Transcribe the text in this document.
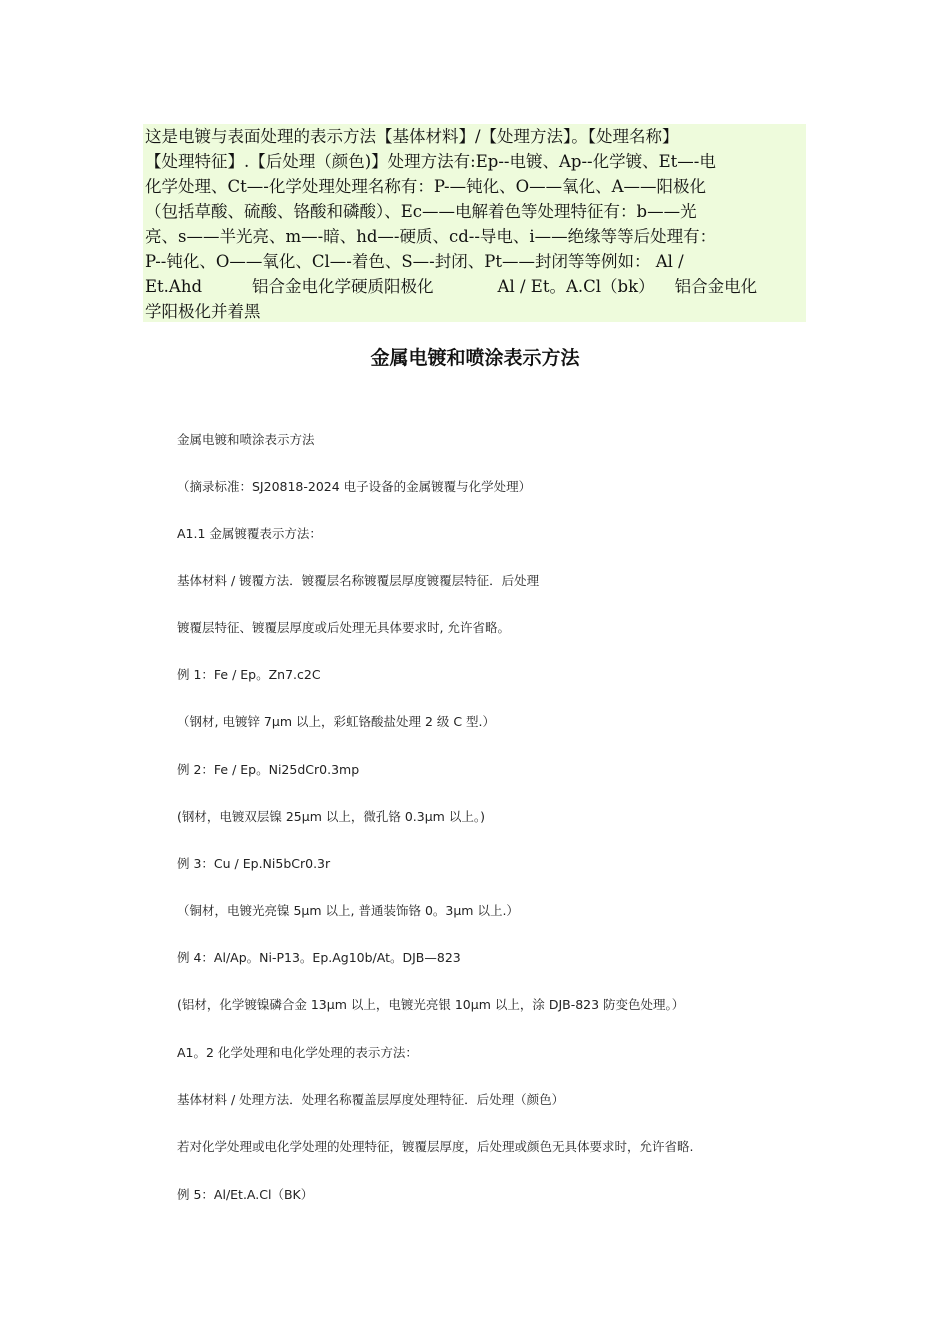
这是电镀与表面处理的表示方法【基体材料】/【处理方法】。【处理名称】
【处理特征】.【后处理（颜色)】处理方法有:Ep--电镀、Ap--化学镀、Et—-电
化学处理、Ct—-化学处理处理名称有：P-—钝化、O——氧化、A——阳极化
（包括草酸、硫酸、铬酸和磷酸）、Ec——电解着色等处理特征有：b——光
亮、s——半光亮、m—-暗、hd—-硬质、cd--导电、i——绝缘等等后处理有：
P--钝化、O——氧化、Cl—-着色、S—-封闭、Pt——封闭等等例如： Al /
Et.Ahd	铝合金电化学硬质阳极化	Al / Et。A.Cl（bk） 铝合金电化
学阳极化并着黑
金属电镀和喷涂表示方法
金属电镀和喷涂表示方法
（摘录标准：SJ20818-2024 电子设备的金属镀覆与化学处理）
A1.1 金属镀覆表示方法：
基体材料 / 镀覆方法．镀覆层名称镀覆层厚度镀覆层特征．后处理
镀覆层特征、镀覆层厚度或后处理无具体要求时, 允许省略。
例 1：Fe / Ep。Zn7.c2C
（钢材, 电镀锌 7μm 以上，彩虹铬酸盐处理 2 级 C 型.）
例 2：Fe / Ep。Ni25dCr0.3mp
(钢材，电镀双层镍 25μm 以上，微孔铬 0.3μm 以上。)
例 3：Cu / Ep.Ni5bCr0.3r
（铜材，电镀光亮镍 5μm 以上, 普通装饰铬 0。3μm 以上.）
例 4：Al/Ap。Ni-P13。Ep.Ag10b/At。DJB—823
(铝材，化学镀镍磷合金 13μm 以上，电镀光亮银 10μm 以上，涂 DJB-823 防变色处理。）
A1。2 化学处理和电化学处理的表示方法：
基体材料 / 处理方法．处理名称覆盖层厚度处理特征．后处理（颜色）
若对化学处理或电化学处理的处理特征，镀覆层厚度，后处理或颜色无具体要求时，允许省略.
例 5：Al/Et.A.Cl（BK）
